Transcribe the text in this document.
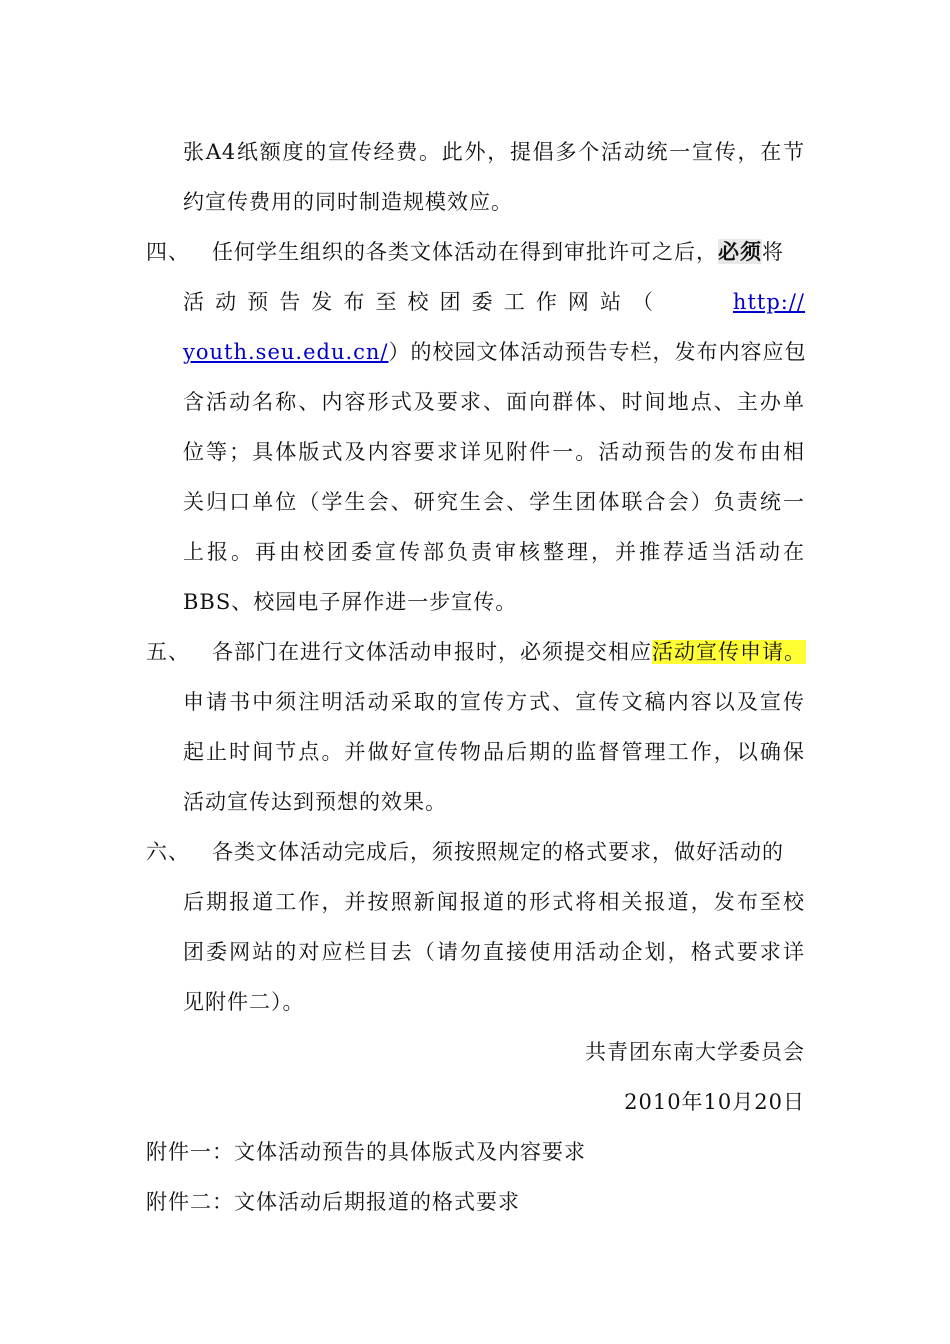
张A4纸额度的宣传经费。此外，提倡多个活动统一宣传，在节
约宣传费用的同时制造规模效应。
四、 任何学生组织的各类文体活动在得到审批许可之后，必须将
活 动 预 告 发 布 至 校 团 委 工 作 网 站 （	http://
youth.seu.edu.cn/）的校园文体活动预告专栏，发布内容应包
含活动名称、内容形式及要求、面向群体、时间地点、主办单
位等；具体版式及内容要求详见附件一。活动预告的发布由相
关归口单位（学生会、研究生会、学生团体联合会）负责统一
上报。再由校团委宣传部负责审核整理，并推荐适当活动在
BBS、校园电子屏作进一步宣传。
五、 各部门在进行文体活动申报时，必须提交相应活动宣传申请。
申请书中须注明活动采取的宣传方式、宣传文稿内容以及宣传
起止时间节点。并做好宣传物品后期的监督管理工作，以确保
活动宣传达到预想的效果。
六、 各类文体活动完成后，须按照规定的格式要求，做好活动的
后期报道工作，并按照新闻报道的形式将相关报道，发布至校
团委网站的对应栏目去（请勿直接使用活动企划，格式要求详
见附件二）。
共青团东南大学委员会
2010年10月20日
附件一：文体活动预告的具体版式及内容要求
附件二：文体活动后期报道的格式要求
